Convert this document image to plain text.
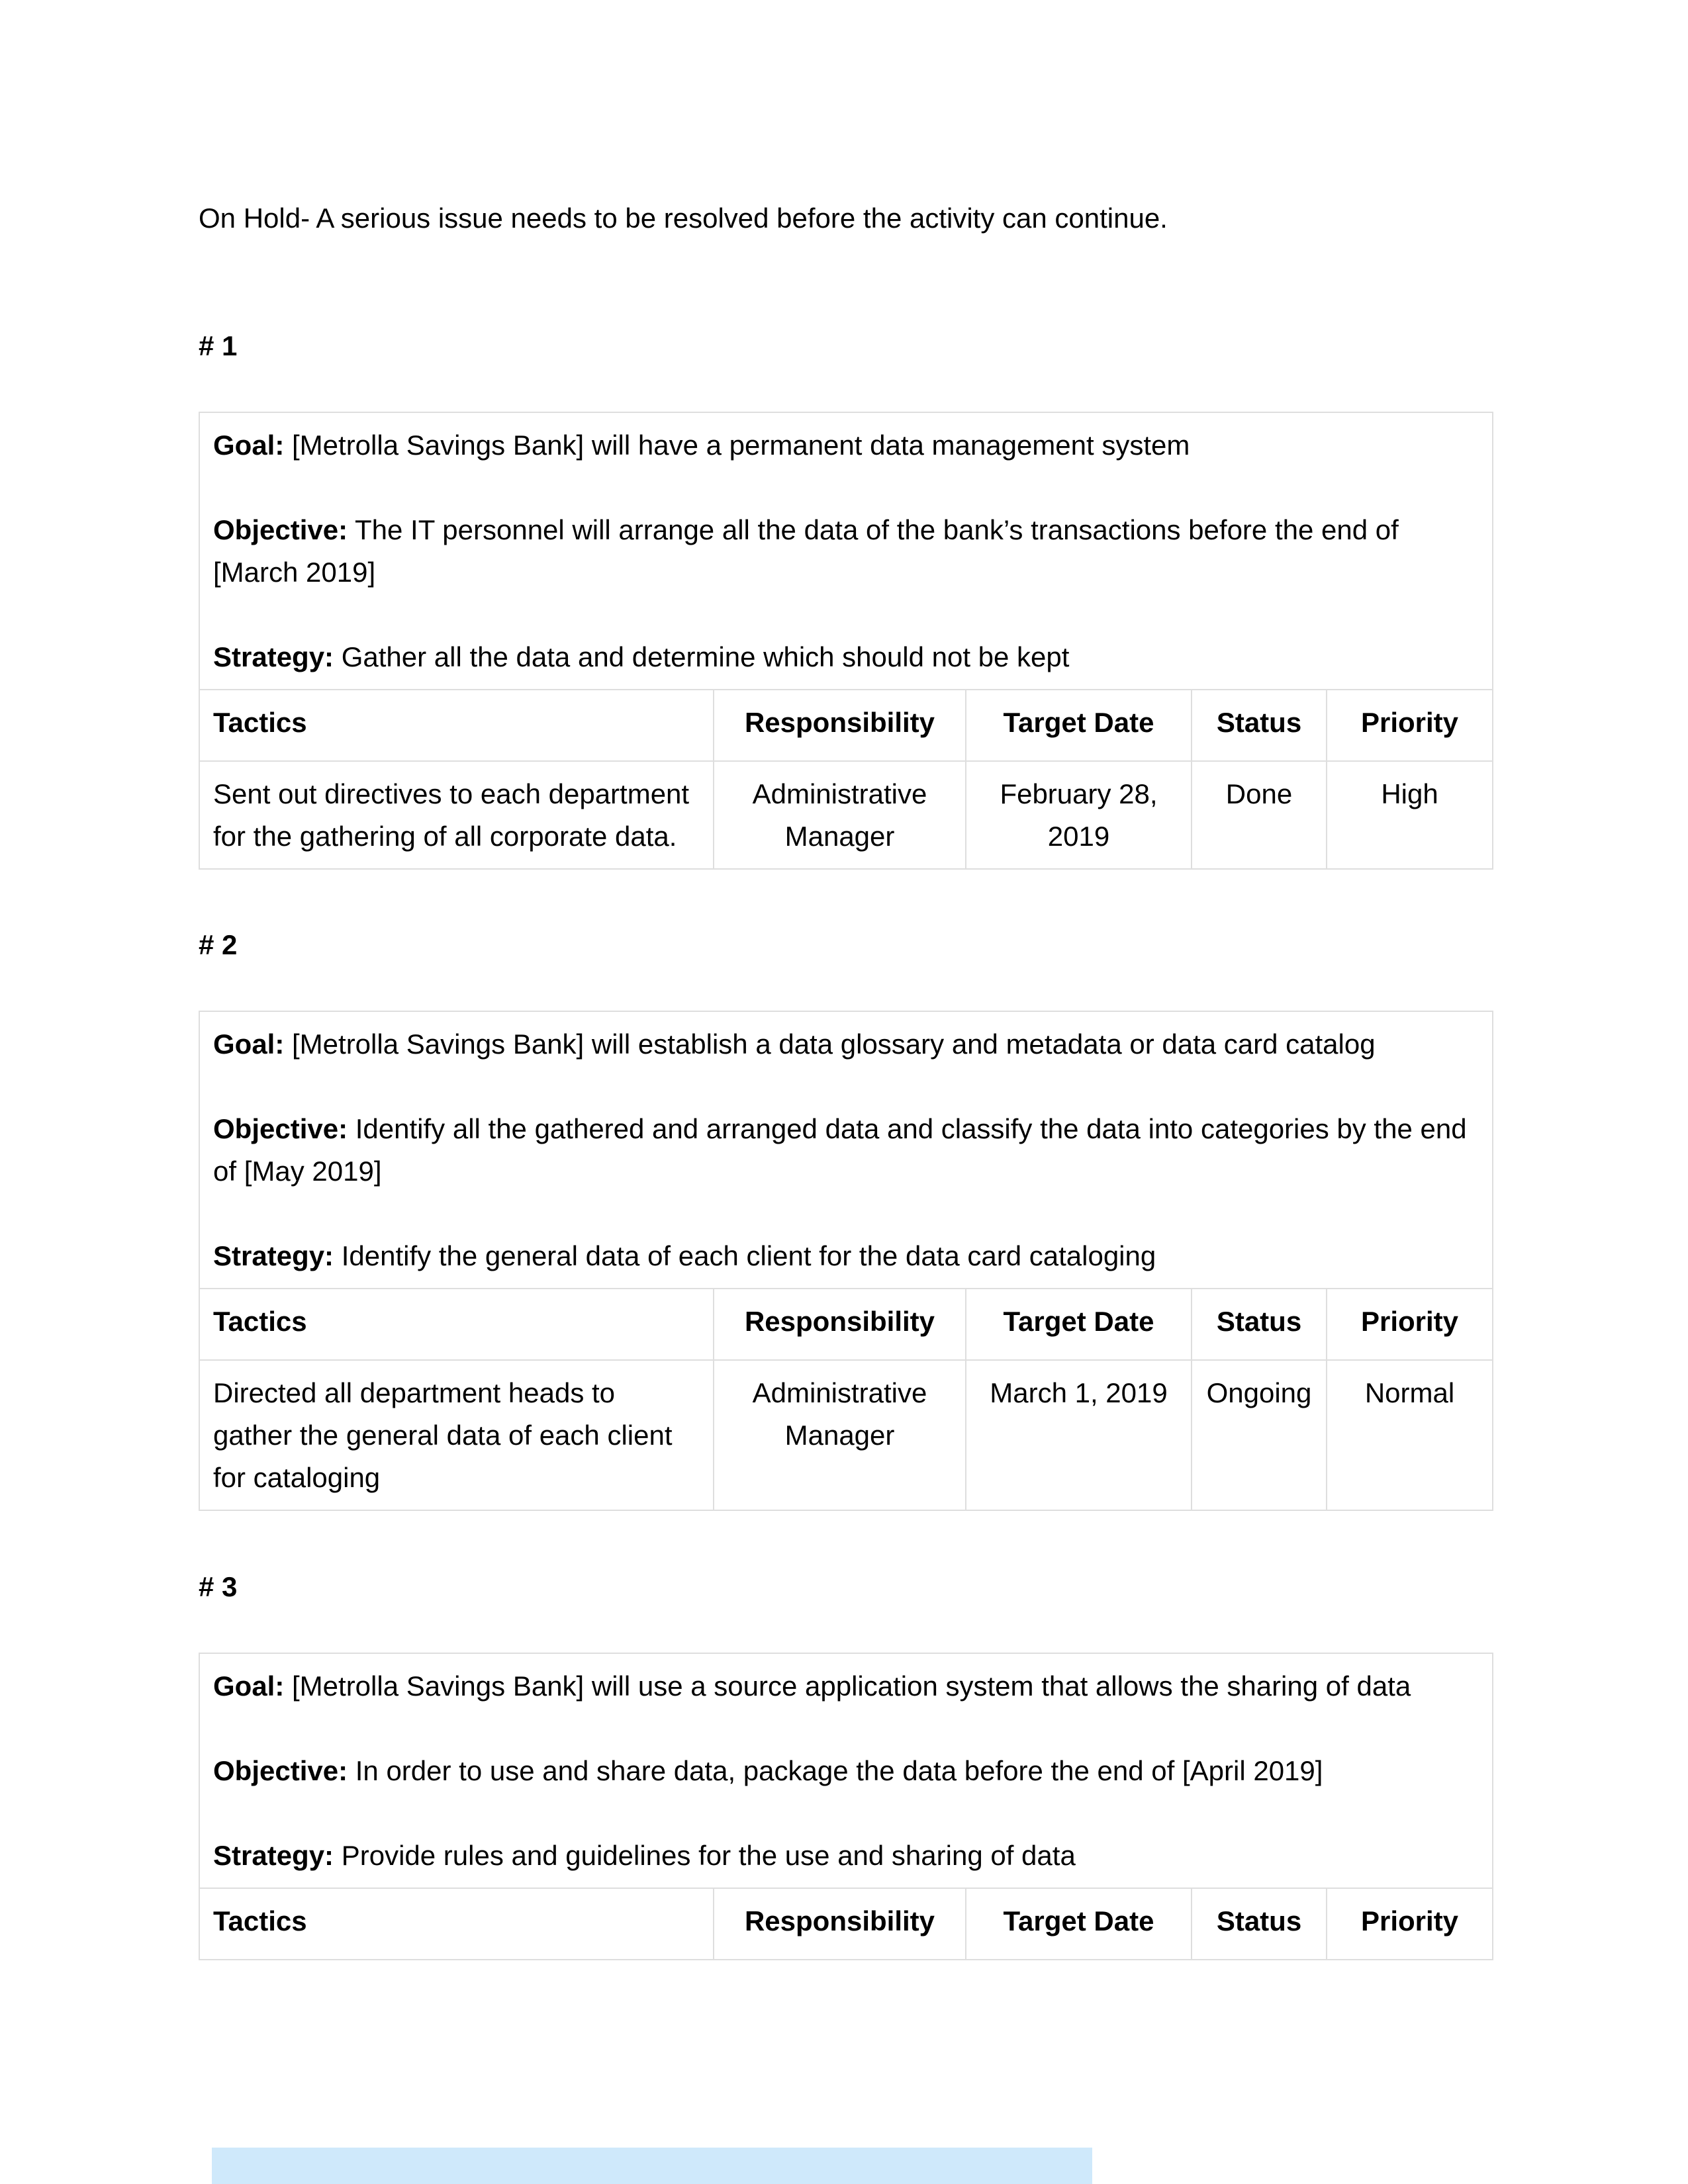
On Hold- A serious issue needs to be resolved before the activity can continue.

# 1

Goal: [Metrolla Savings Bank] will have a permanent data management system

Objective: The IT personnel will arrange all the data of the bank’s transactions before the end of [March 2019]

Strategy: Gather all the data and determine which should not be kept				

Tactics	Responsibility	Target Date	Status	Priority
Sent out directives to each department for the gathering of all corporate data.	Administrative Manager	February 28, 2019	Done	High

# 2

Goal: [Metrolla Savings Bank] will establish a data glossary and metadata or data card catalog

Objective: Identify all the gathered and arranged data and classify the data into categories by the end of [May 2019]

Strategy: Identify the general data of each client for the data card cataloging				

Tactics	Responsibility	Target Date	Status	Priority
Directed all department heads to gather the general data of each client for cataloging	Administrative Manager	March 1, 2019	Ongoing	Normal

# 3

Goal: [Metrolla Savings Bank] will use a source application system that allows the sharing of data

Objective: In order to use and share data, package the data before the end of [April 2019]

Strategy: Provide rules and guidelines for the use and sharing of data

Tactics	Responsibility	Target Date	Status	Priority
